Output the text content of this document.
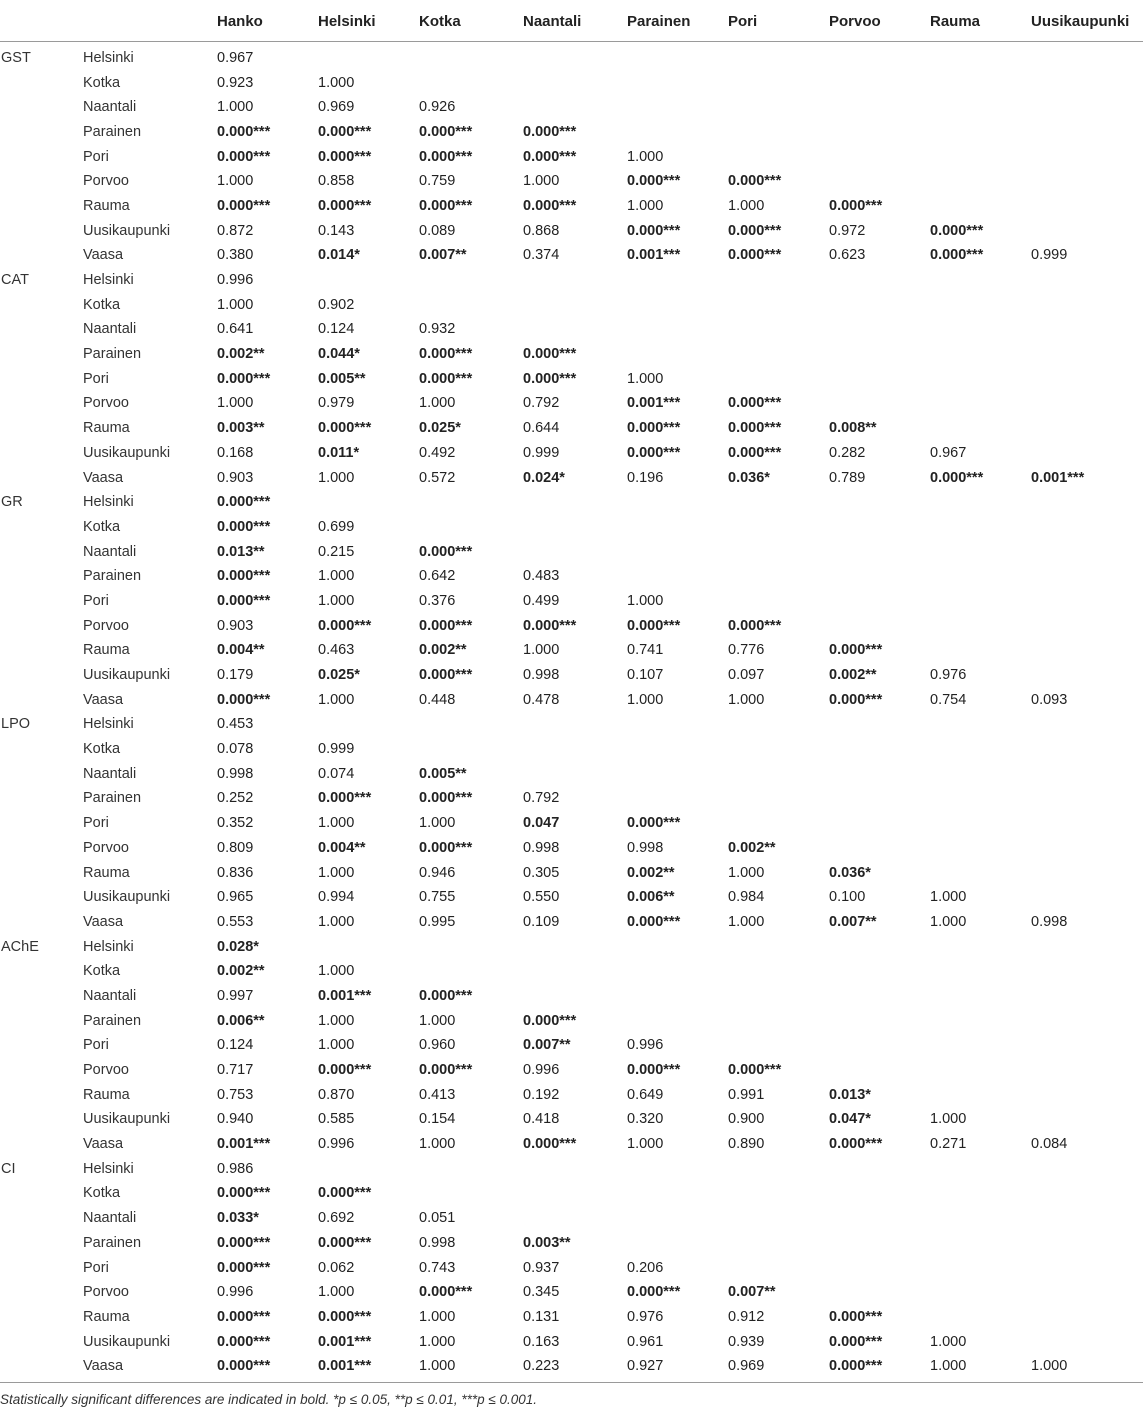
		Hanko	Helsinki	Kotka	Naantali	Parainen	Pori	Porvoo	Rauma	Uusikaupunki
GST	Helsinki	0.967								
	Kotka	0.923	1.000							
	Naantali	1.000	0.969	0.926						
	Parainen	0.000***	0.000***	0.000***	0.000***					
	Pori	0.000***	0.000***	0.000***	0.000***	1.000				
	Porvoo	1.000	0.858	0.759	1.000	0.000***	0.000***			
	Rauma	0.000***	0.000***	0.000***	0.000***	1.000	1.000	0.000***		
	Uusikaupunki	0.872	0.143	0.089	0.868	0.000***	0.000***	0.972	0.000***	
	Vaasa	0.380	0.014*	0.007**	0.374	0.001***	0.000***	0.623	0.000***	0.999
CAT	Helsinki	0.996								
	Kotka	1.000	0.902							
	Naantali	0.641	0.124	0.932						
	Parainen	0.002**	0.044*	0.000***	0.000***					
	Pori	0.000***	0.005**	0.000***	0.000***	1.000				
	Porvoo	1.000	0.979	1.000	0.792	0.001***	0.000***			
	Rauma	0.003**	0.000***	0.025*	0.644	0.000***	0.000***	0.008**		
	Uusikaupunki	0.168	0.011*	0.492	0.999	0.000***	0.000***	0.282	0.967	
	Vaasa	0.903	1.000	0.572	0.024*	0.196	0.036*	0.789	0.000***	0.001***
GR	Helsinki	0.000***								
	Kotka	0.000***	0.699							
	Naantali	0.013**	0.215	0.000***						
	Parainen	0.000***	1.000	0.642	0.483					
	Pori	0.000***	1.000	0.376	0.499	1.000				
	Porvoo	0.903	0.000***	0.000***	0.000***	0.000***	0.000***			
	Rauma	0.004**	0.463	0.002**	1.000	0.741	0.776	0.000***		
	Uusikaupunki	0.179	0.025*	0.000***	0.998	0.107	0.097	0.002**	0.976	
	Vaasa	0.000***	1.000	0.448	0.478	1.000	1.000	0.000***	0.754	0.093
LPO	Helsinki	0.453								
	Kotka	0.078	0.999							
	Naantali	0.998	0.074	0.005**						
	Parainen	0.252	0.000***	0.000***	0.792					
	Pori	0.352	1.000	1.000	0.047	0.000***				
	Porvoo	0.809	0.004**	0.000***	0.998	0.998	0.002**			
	Rauma	0.836	1.000	0.946	0.305	0.002**	1.000	0.036*		
	Uusikaupunki	0.965	0.994	0.755	0.550	0.006**	0.984	0.100	1.000	
	Vaasa	0.553	1.000	0.995	0.109	0.000***	1.000	0.007**	1.000	0.998
AChE	Helsinki	0.028*								
	Kotka	0.002**	1.000							
	Naantali	0.997	0.001***	0.000***						
	Parainen	0.006**	1.000	1.000	0.000***					
	Pori	0.124	1.000	0.960	0.007**	0.996				
	Porvoo	0.717	0.000***	0.000***	0.996	0.000***	0.000***			
	Rauma	0.753	0.870	0.413	0.192	0.649	0.991	0.013*		
	Uusikaupunki	0.940	0.585	0.154	0.418	0.320	0.900	0.047*	1.000	
	Vaasa	0.001***	0.996	1.000	0.000***	1.000	0.890	0.000***	0.271	0.084
CI	Helsinki	0.986								
	Kotka	0.000***	0.000***							
	Naantali	0.033*	0.692	0.051						
	Parainen	0.000***	0.000***	0.998	0.003**					
	Pori	0.000***	0.062	0.743	0.937	0.206				
	Porvoo	0.996	1.000	0.000***	0.345	0.000***	0.007**			
	Rauma	0.000***	0.000***	1.000	0.131	0.976	0.912	0.000***		
	Uusikaupunki	0.000***	0.001***	1.000	0.163	0.961	0.939	0.000***	1.000	
	Vaasa	0.000***	0.001***	1.000	0.223	0.927	0.969	0.000***	1.000	1.000
Statistically significant differences are indicated in bold. *p ≤ 0.05, **p ≤ 0.01, ***p ≤ 0.001.
